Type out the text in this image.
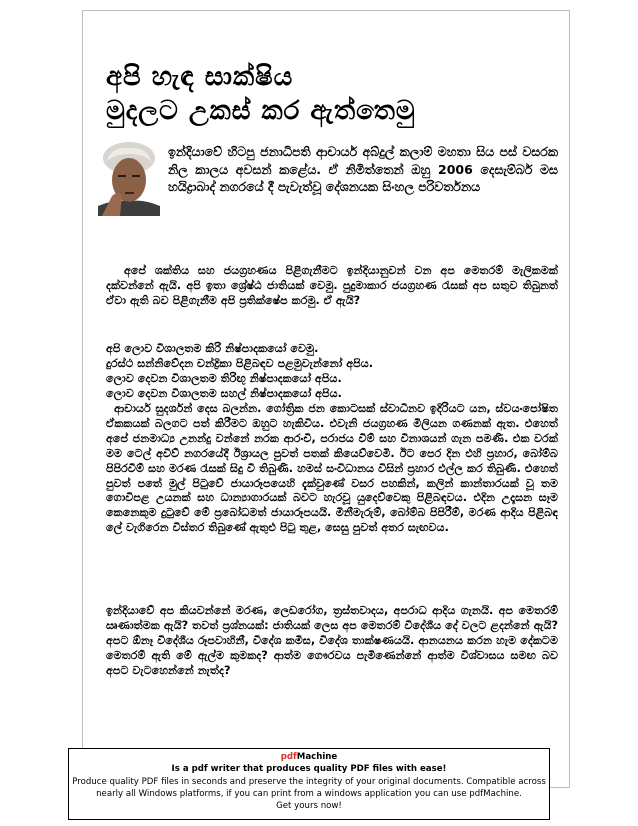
අපි හැඳ සාක්ෂිය
මුදලට උකස් කර ඇත්තෙමු
ඉන්දියාවේ හිටපු ජනාධිපති ආචාර්ය අබ්දුල් කලාම් මහතා සිය පස් වසරක නිල කාලය අවසන් කළේය. ඒ නිමිත්තෙන් ඔහු 2006 දෙසැම්බර් මස හයිද්‍රාබාද් නගරයේ දී පැවැත්වූ දේශනයක සිංහල පරිවර්තනය
අපේ ශක්තිය සහ ජයග්‍රහණය පිළිගැනීමට ඉන්දියානුවන් වන අප මෙතරම් මැලිකමක් දක්වන්නේ ඇයි. අපි ඉතා ශ්‍රේෂ්ඨ ජාතියක් වෙමු. පුදුමාකාර ජයග්‍රහණ රැසක් අප සතුව තිබුනත් ඒවා ඇති බව පිළිගැනීම අපි ප්‍රතික්ෂේප කරමු. ඒ ඇයි?
අපි ලොව විශාලතම කිරි නිෂ්පාදකයෝ වෙමු.
දුරස්ථ සන්නිවේදන චන්ද්‍රිකා පිළිබඳව පළමුවැන්නෝ අපිය.
ලොව දෙවන විශාලතම තිරිඟු නිෂ්පාදකයෝ අපිය.
ලොව දෙවන විශාලතම සහල් නිෂ්පාදකයෝ අපිය.
ආචාර්ය සුදර්ශන් දෙස බලන්න. ගෝත්‍රික ජන කොටසක් ස්වාධීනව ඉදිරියට යන, ස්වයංපෝෂිත ඒකකයක් බලගට පත් කිරීමට ඔහුට හැකිවිය. එවැනි ජයග්‍රහණ මිලියන ගණනක් ඇත. එහෙත් අපේ ජනමාධ්‍ය උනන්දු වන්නේ නරක ආරංචි, පරාජය විම් සහ විනාශයන් ගැන පමණි. එක වරක් මම ටෙල් අවිව් නගරයේදී ඊශ්‍රායල පුවත් පතක් කියෙව්වෙමි. ඊට පෙර දින එහි ප්‍රහාර, බෝම්බ පිපිරවීම් සහ මරණ රැසක් සිදු වී තිබුණි. හමස් සංවිධානය විසින් ප්‍රහාර එල්ල කර තිබුණි. එහෙත් පුවත් පතේ මුල් පිටුවේ ජායාරූපයෙහි දැක්වුණේ වසර පහකින්, කලින් කාන්තාරයක් වූ තම ගොවිපළ උයනක් සහ ධාන්‍යාගාරයක් බවට හැරවූ යුදෙව්වෙකු පිළිබඳවය. එදින උදෑසන සෑම කෙනෙකුම දුටුවේ මේ ප්‍රබෝධමත් ජායාරූපයයි. මිනීමැරුම්, බෝම්බ පිපිරීම්, මරණ ආදිය පිළිබඳ ලේ වැගිරෙන විස්තර තිබුණේ ඇතුළු පිටු තුළ, සෙසු පුවත් අතර සැඟවය.
ඉන්දියාවේ අප කියවන්නේ මරණ, ලෙඩරෝග, ත්‍රස්තවාදය, අපරාධ ආදිය ගැනයි. අප මෙතරම් ඍණාත්මක ඇයි? තවත් ප්‍රශ්නයක්: ජාතියක් ලෙස අප මෙතරම් විදේශීය දේ වලට ළදන්නේ ඇයි? අපට ඕනෑ විදේශීය රූපවාහිනී, විදේශ කමිස, විදේශ තාක්ෂණයයි. ආනයනය කරන හැම දේකටම මෙතරම් ඇති මේ ඇල්ම කුමකද? ආත්ම ගෞරවය පැමිණෙන්නේ ආත්ම විශ්වාසය සමඟ බව අපට වැටහෙන්නේ නැත්ද?
pdfMachine
Is a pdf writer that produces quality PDF files with ease!
Produce quality PDF files in seconds and preserve the integrity of your original documents. Compatible across
nearly all Windows platforms, if you can print from a windows application you can use pdfMachine.
Get yours now!
